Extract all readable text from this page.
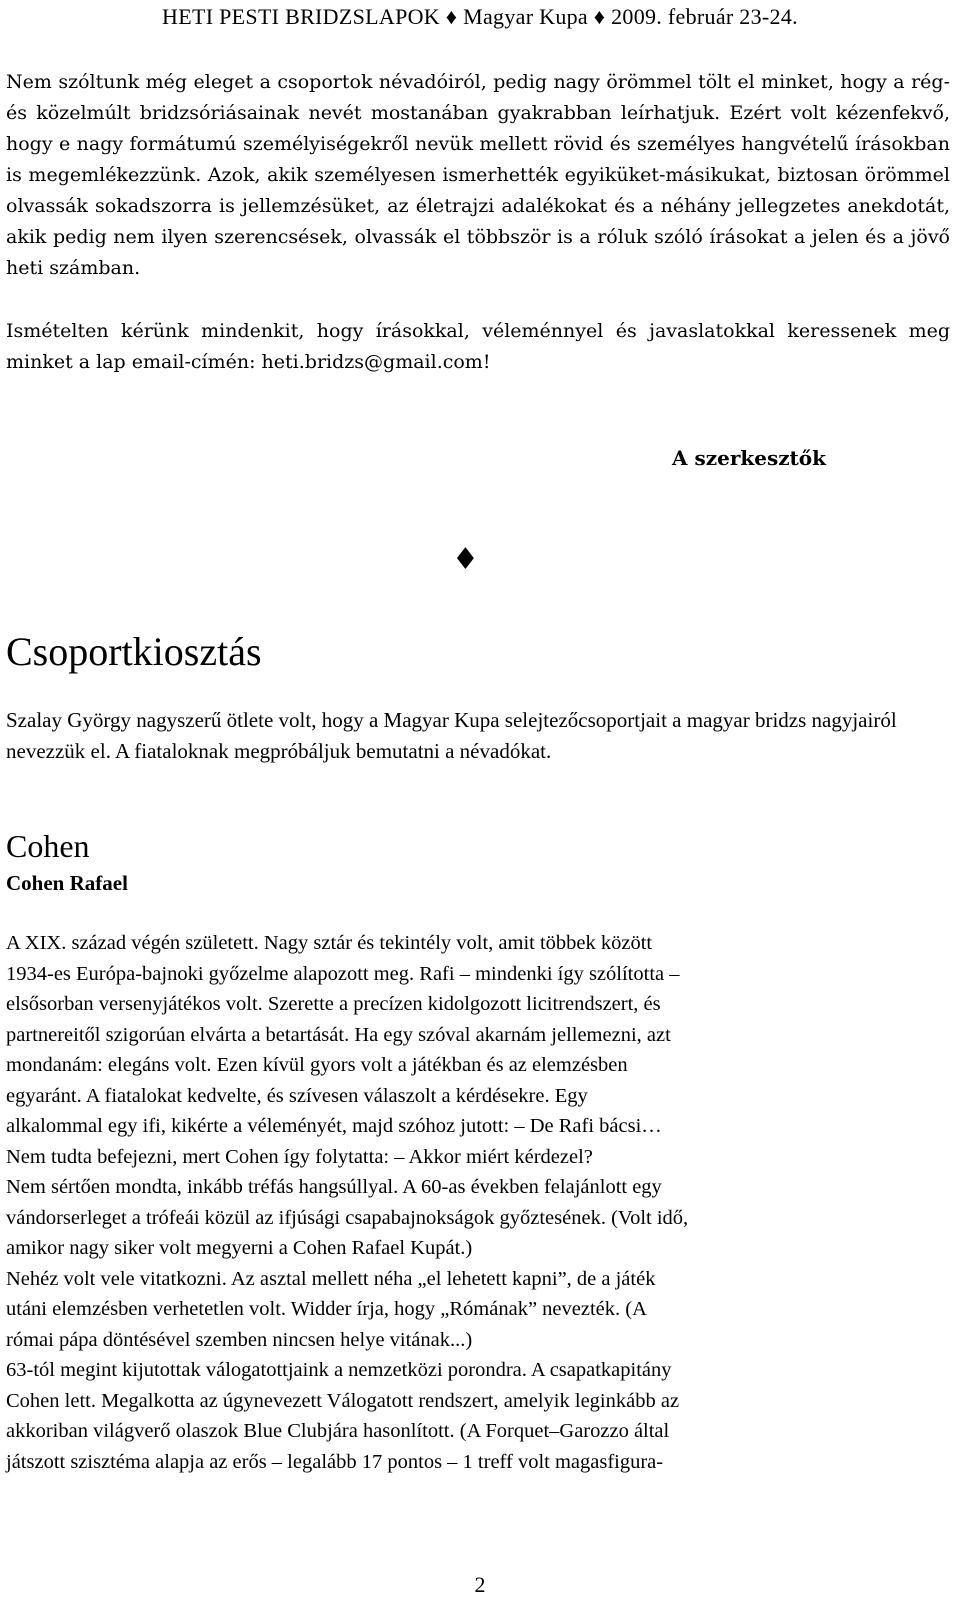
HETI PESTI BRIDZSLAPOK ♦ Magyar Kupa ♦ 2009. február 23-24.
Nem szóltunk még eleget a csoportok névadóiról, pedig nagy örömmel tölt el minket, hogy a rég- és közelmúlt bridzsóriásainak nevét mostanában gyakrabban leírhatjuk. Ezért volt kézenfekvő, hogy e nagy formátumú személyiségekről nevük mellett rövid és személyes hangvételű írásokban is megemlékezzünk. Azok, akik személyesen ismerhették egyiküket-másikukat, biztosan örömmel olvassák sokadszorra is jellemzésüket, az életrajzi adalékokat és a néhány jellegzetes anekdotát, akik pedig nem ilyen szerencsések, olvassák el többször is a róluk szóló írásokat a jelen és a jövő heti számban.
Ismételten kérünk mindenkit, hogy írásokkal, véleménnyel és javaslatokkal keressenek meg minket a lap email-címén: heti.bridzs@gmail.com!
A szerkesztők
♦
Csoportkiosztás
Szalay György nagyszerű ötlete volt, hogy a Magyar Kupa selejtezőcsoportjait a magyar bridzs nagyjairól nevezzük el. A fiataloknak megpróbáljuk bemutatni a névadókat.
Cohen
Cohen Rafael
A XIX. század végén született. Nagy sztár és tekintély volt, amit többek között
1934-es Európa-bajnoki győzelme alapozott meg. Rafi – mindenki így szólította –
elsősorban versenyjátékos volt. Szerette a precízen kidolgozott licitrendszert, és
partnereitől szigorúan elvárta a betartását. Ha egy szóval akarnám jellemezni, azt
mondanám: elegáns volt. Ezen kívül gyors volt a játékban és az elemzésben
egyaránt. A fiatalokat kedvelte, és szívesen válaszolt a kérdésekre. Egy
alkalommal egy ifi, kikérte a véleményét, majd szóhoz jutott: – De Rafi bácsi…
Nem tudta befejezni, mert Cohen így folytatta: – Akkor miért kérdezel?
Nem sértően mondta, inkább tréfás hangsúllyal. A 60-as években felajánlott egy
vándorserleget a trófeái közül az ifjúsági csapabajnokságok győztesének. (Volt idő,
amikor nagy siker volt megyerni a Cohen Rafael Kupát.)
Nehéz volt vele vitatkozni. Az asztal mellett néha „el lehetett kapni”, de a játék
utáni elemzésben verhetetlen volt. Widder írja, hogy „Rómának” nevezték. (A
római pápa döntésével szemben nincsen helye vitának...)
63-tól megint kijutottak válogatottjaink a nemzetközi porondra. A csapatkapitány
Cohen lett. Megalkotta az úgynevezett Válogatott rendszert, amelyik leginkább az
akkoriban világverő olaszok Blue Clubjára hasonlított. (A Forquet–Garozzo által
játszott szisztéma alapja az erős – legalább 17 pontos – 1 treff volt magasfigura-
2
